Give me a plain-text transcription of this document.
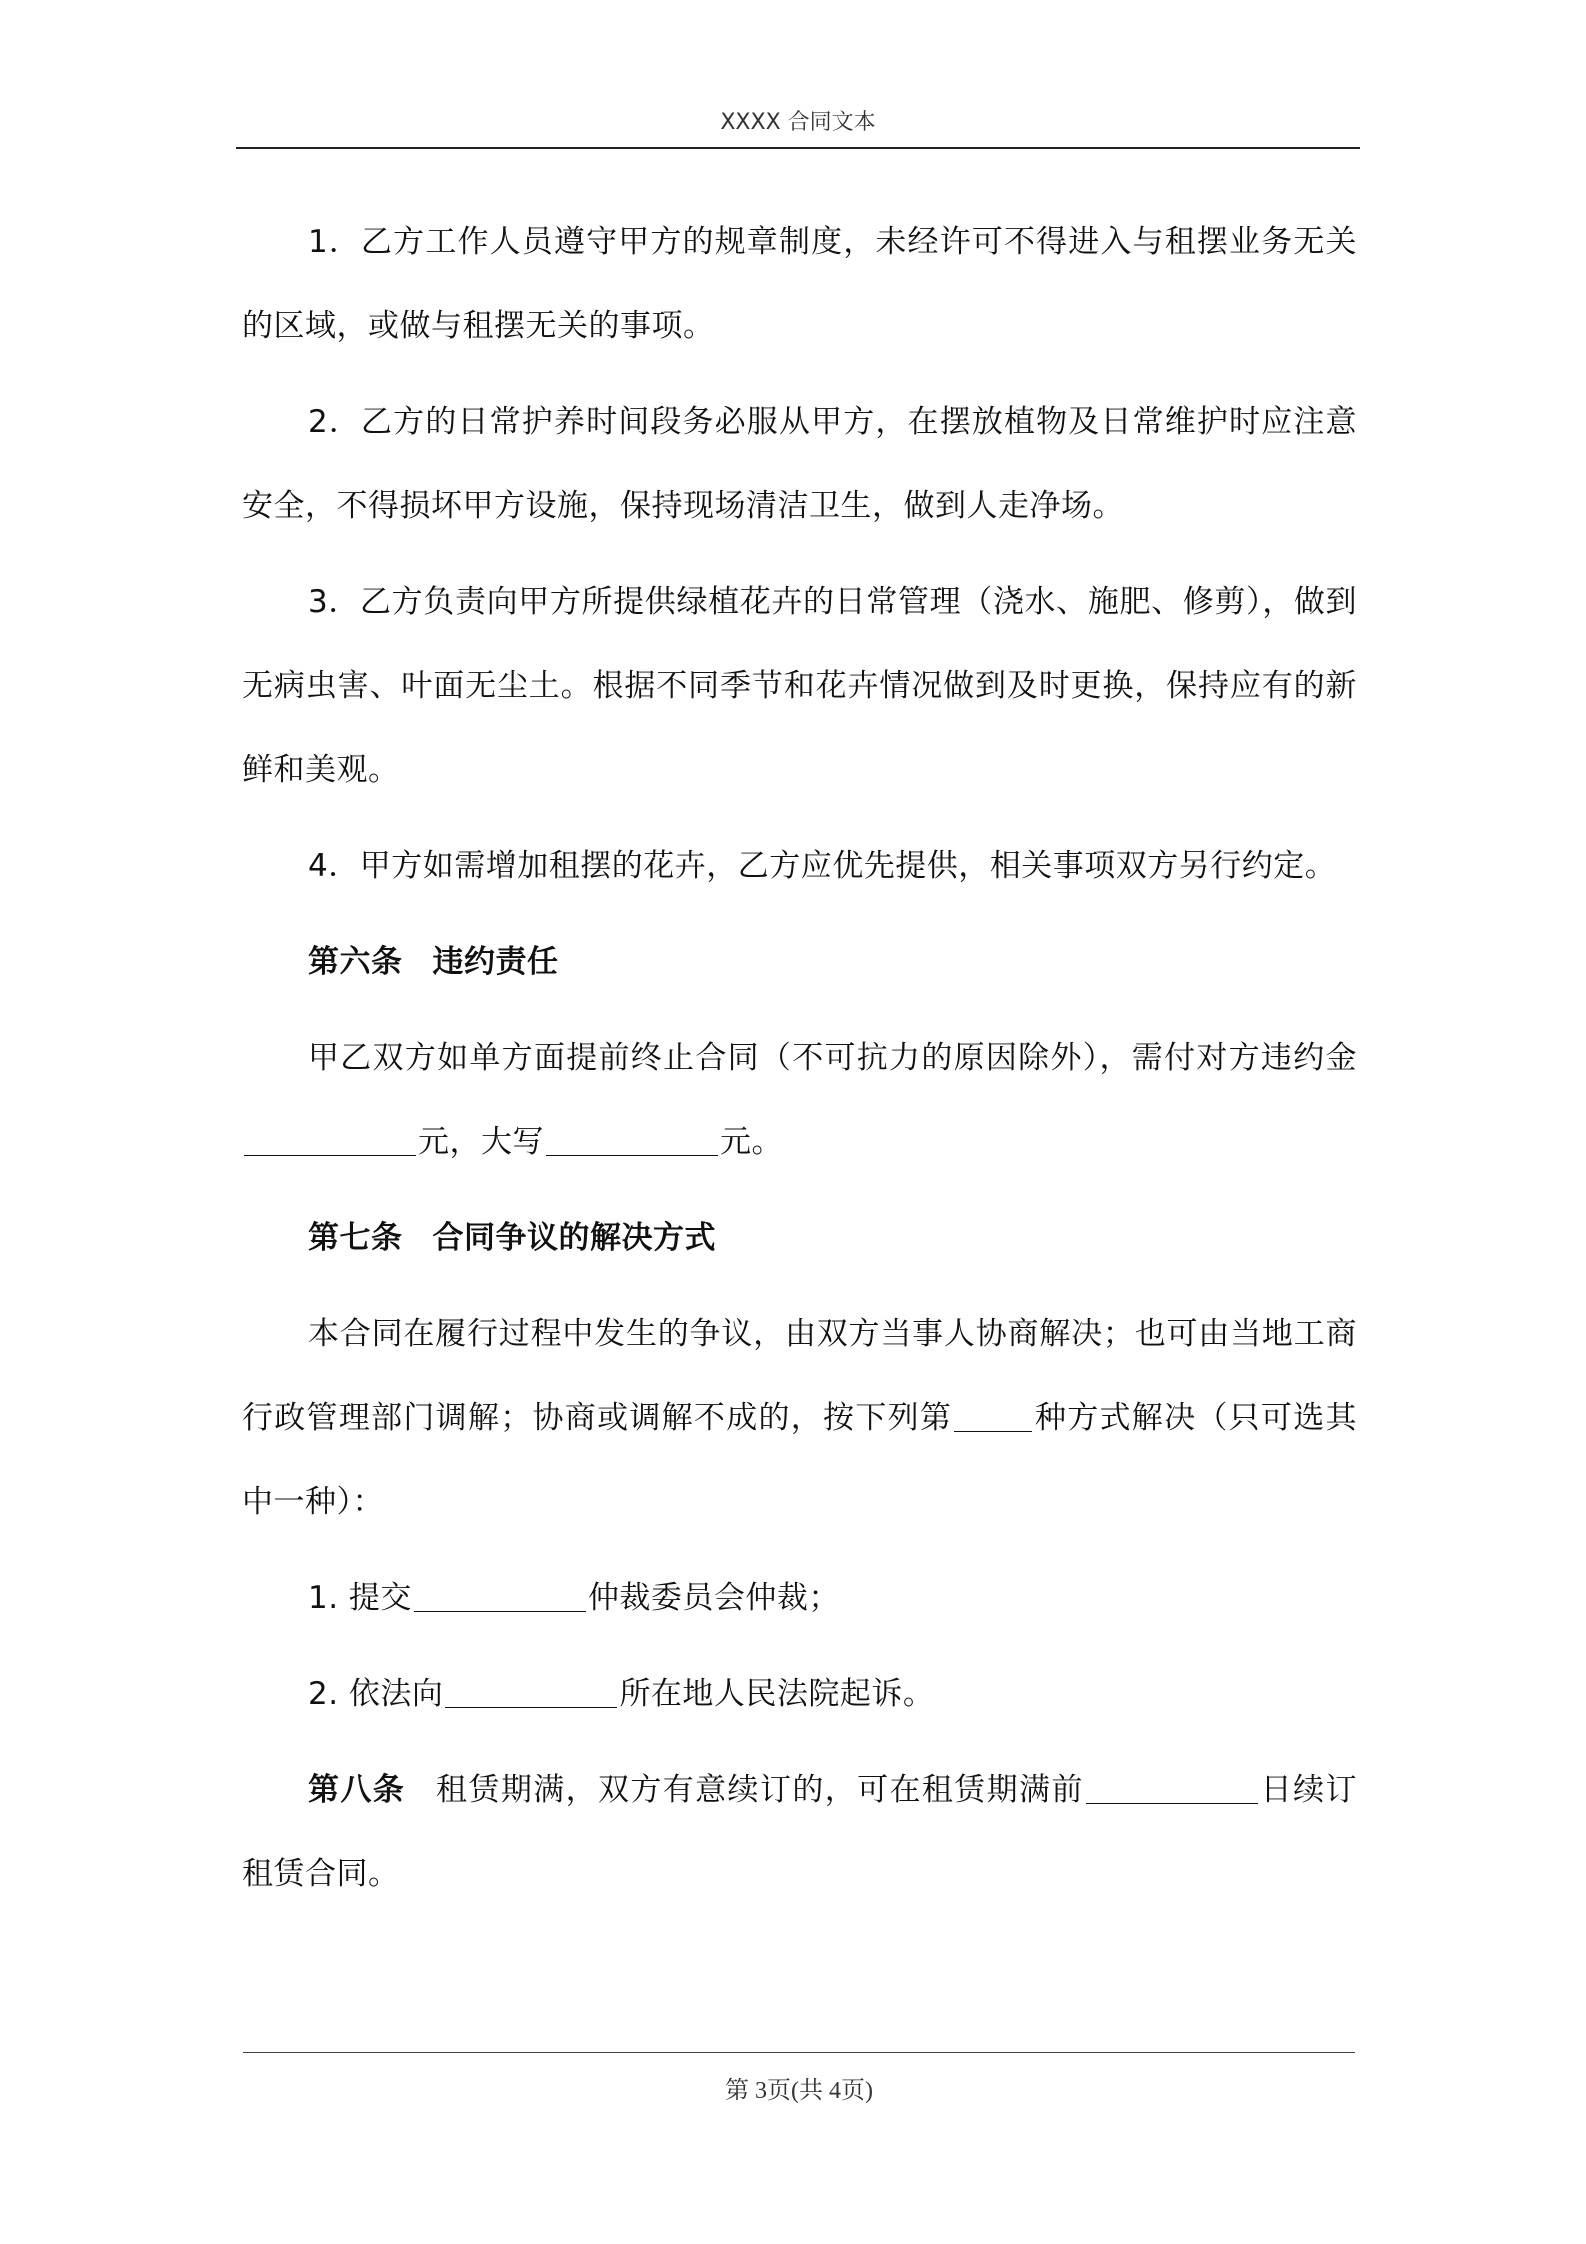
XXXX 合同文本

1．乙方工作人员遵守甲方的规章制度，未经许可不得进入与租摆业务无关的区域，或做与租摆无关的事项。

2．乙方的日常护养时间段务必服从甲方，在摆放植物及日常维护时应注意安全，不得损坏甲方设施，保持现场清洁卫生，做到人走净场。

3．乙方负责向甲方所提供绿植花卉的日常管理（浇水、施肥、修剪），做到无病虫害、叶面无尘土。根据不同季节和花卉情况做到及时更换，保持应有的新鲜和美观。

4．甲方如需增加租摆的花卉，乙方应优先提供，相关事项双方另行约定。

第六条 违约责任

甲乙双方如单方面提前终止合同（不可抗力的原因除外），需付对方违约金元，大写	元。

第七条 合同争议的解决方式

本合同在履行过程中发生的争议，由双方当事人协商解决；也可由当地工商行政管理部门调解；协商或调解不成的，按下列第	种方式解决（只可选其中一种）：

1. 提交	仲裁委员会仲裁；

2. 依法向	所在地人民法院起诉。

第八条 租赁期满，双方有意续订的，可在租赁期满前	日续订租赁合同。

第 3页(共 4页)
